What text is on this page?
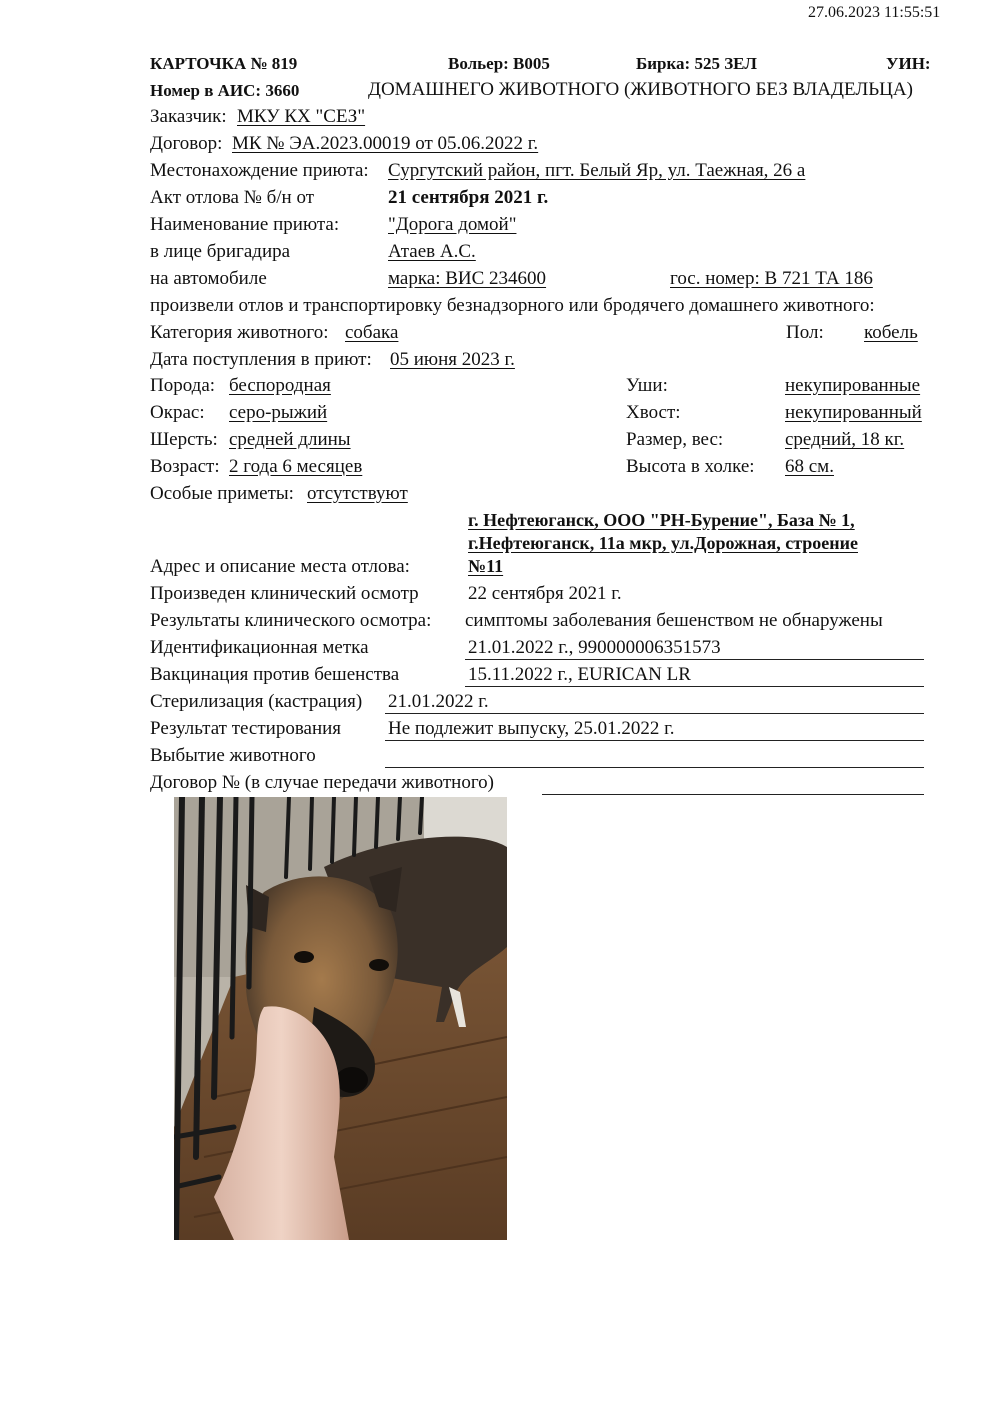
27.06.2023 11:55:51
КАРТОЧКА № 819	Вольер: В005	Бирка: 525 ЗЕЛ	УИН:
Номер в АИС: 3660	ДОМАШНЕГО ЖИВОТНОГО (ЖИВОТНОГО БЕЗ ВЛАДЕЛЬЦА)
Заказчик: МКУ КХ "СЕЗ"
Договор: МК № ЭА.2023.00019 от 05.06.2022 г.
Местонахождение приюта: Сургутский район, пгт. Белый Яр, ул. Таежная, 26 а
Акт отлова № б/н от	21 сентября 2021 г.
Наименование приюта:	"Дорога домой"
в лице бригадира	Атаев А.С.
на автомобиле	марка: ВИС 234600	гос. номер: В 721 ТА 186
произвели отлов и транспортировку безнадзорного или бродячего домашнего животного:
Категория животного: собака	Пол: кобель
Дата поступления в приют: 05 июня 2023 г.
Порода: беспородная	Уши:	некупированные
Окрас: серо-рыжий	Хвост:	некупированный
Шерсть: средней длины	Размер, вес:	средний, 18 кг.
Возраст: 2 года 6 месяцев	Высота в холке: 68 см.
Особые приметы: отсутствуют
г. Нефтеюганск, ООО "РН-Бурение", База № 1,
г.Нефтеюганск, 11а мкр, ул.Дорожная, строение
Адрес и описание места отлова:	№11
Произведен клинический осмотр	22 сентября 2021 г.
Результаты клинического осмотра: симптомы заболевания бешенством не обнаружены
Идентификационная метка	21.01.2022 г., 990000006351573
Вакцинация против бешенства	15.11.2022 г., EURICAN LR
Стерилизация (кастрация) 21.01.2022 г.
Результат тестирования Не подлежит выпуску, 25.01.2022 г.
Выбытие животного
Договор № (в случае передачи животного)
